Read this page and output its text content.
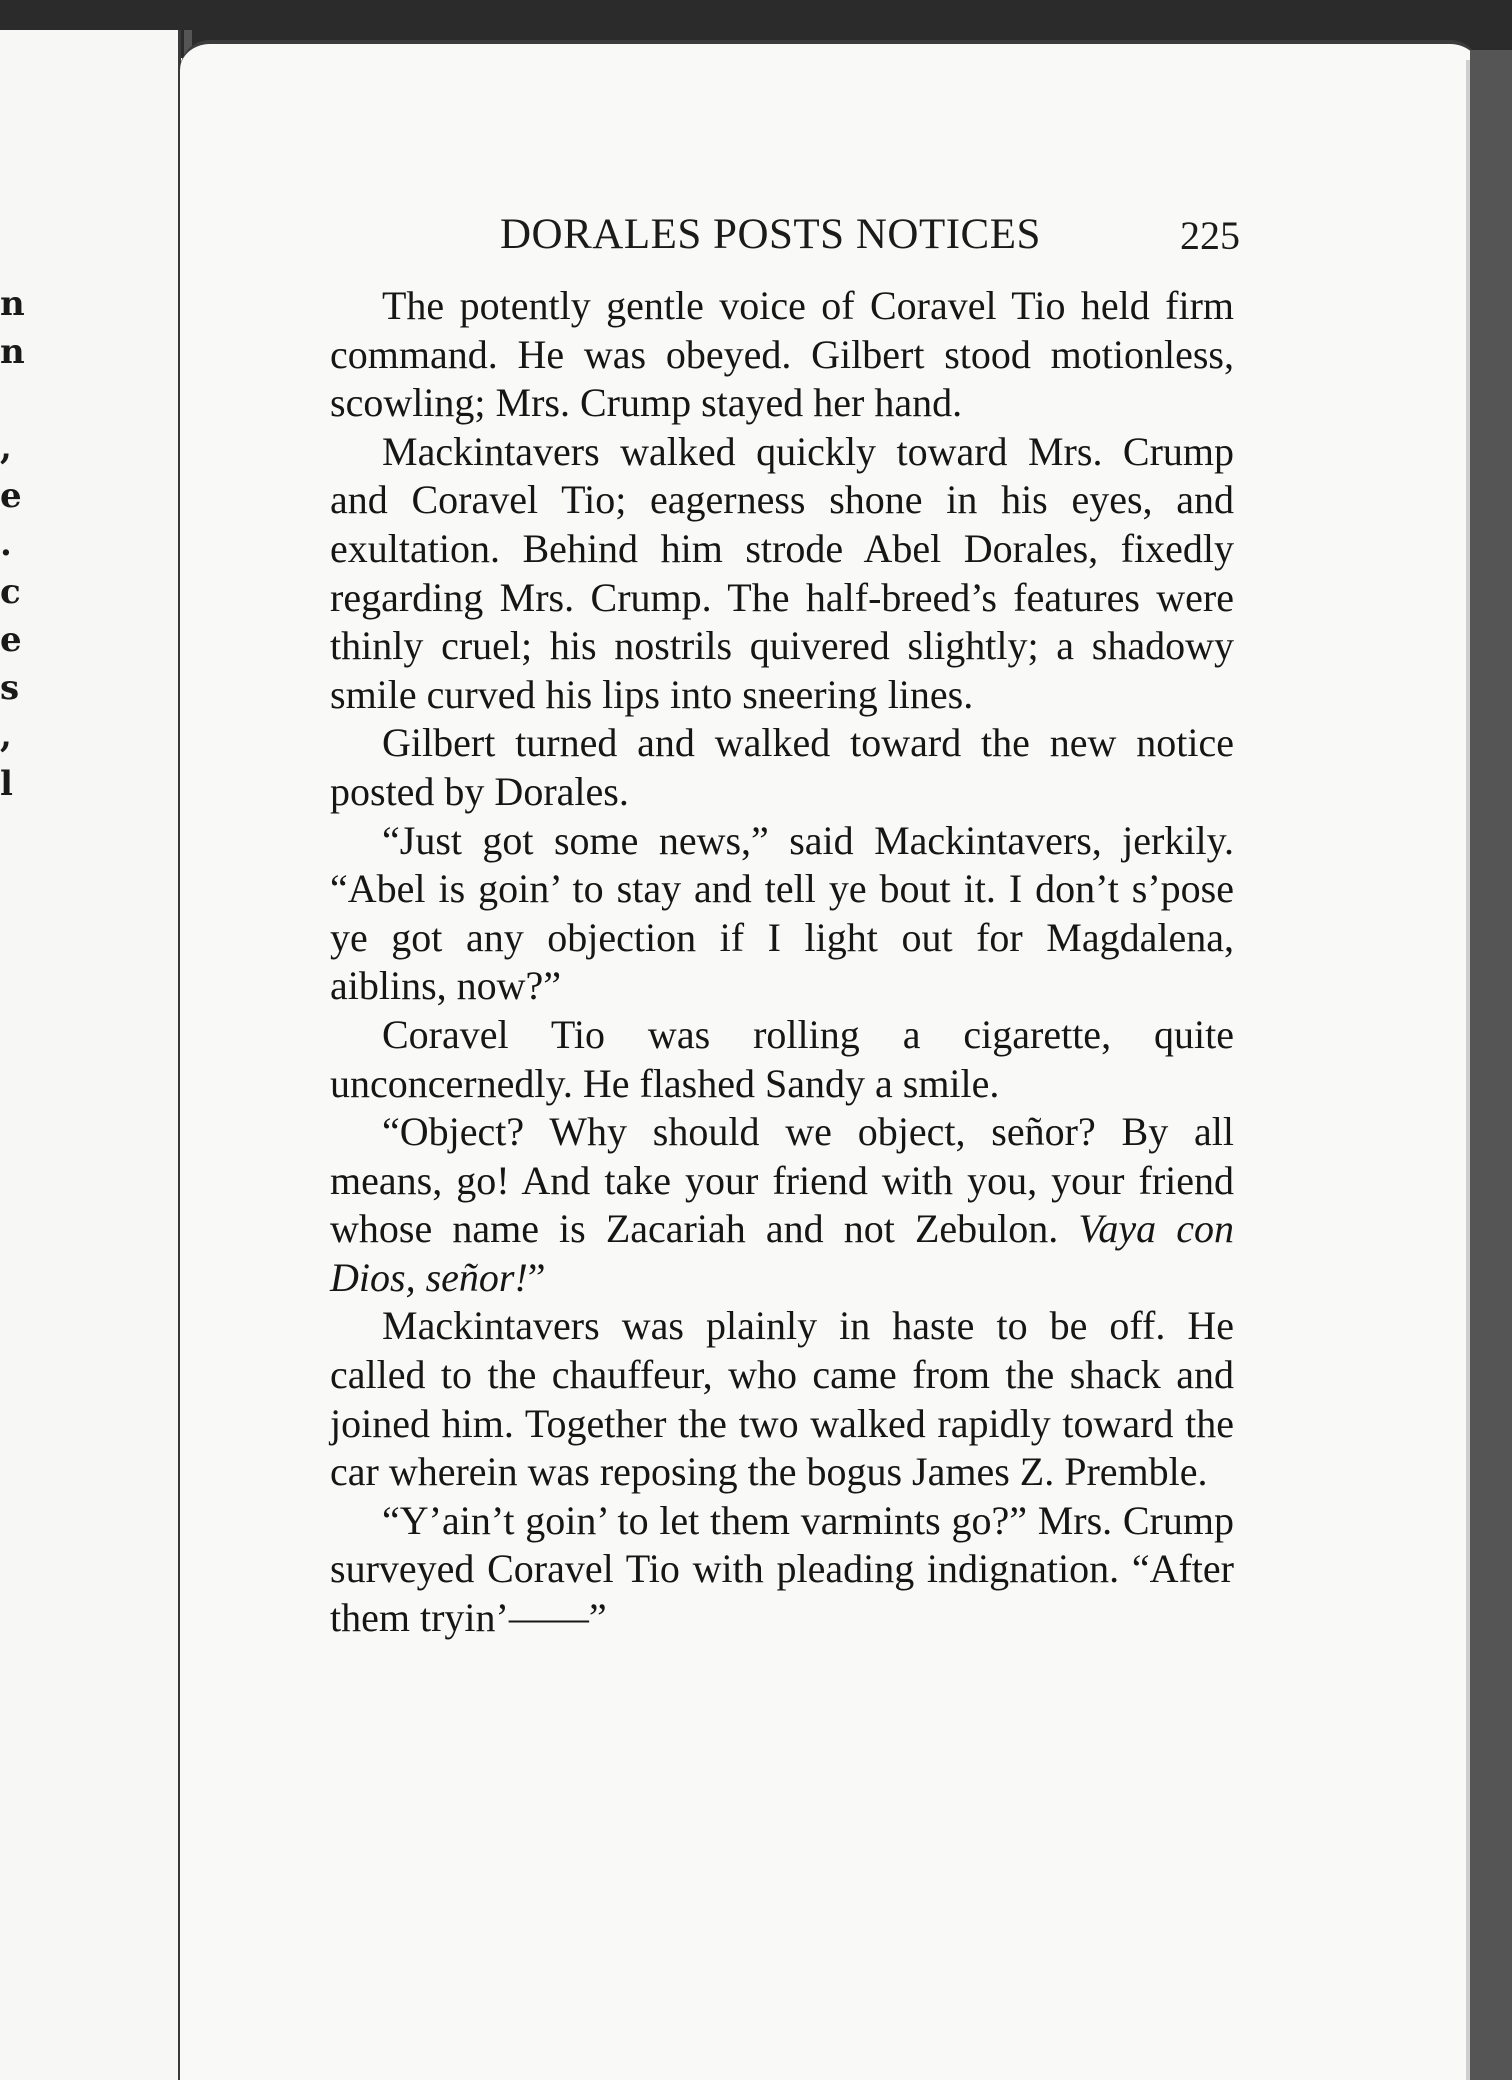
n
n
,
e
.
c
e
s
,
l
DORALES POSTS NOTICES	225

The potently gentle voice of Coravel Tio held firm command. He was obeyed. Gilbert stood motionless, scowling; Mrs. Crump stayed her hand.

Mackintavers walked quickly toward Mrs. Crump and Coravel Tio; eagerness shone in his eyes, and exultation. Behind him strode Abel Dorales, fixedly regarding Mrs. Crump. The half-breed’s features were thinly cruel; his nostrils quivered slightly; a shadowy smile curved his lips into sneering lines.

Gilbert turned and walked toward the new notice posted by Dorales.

“Just got some news,” said Mackintavers, jerkily. “Abel is goin’ to stay and tell ye bout it. I don’t s’pose ye got any objection if I light out for Magdalena, aiblins, now?”

Coravel Tio was rolling a cigarette, quite unconcernedly. He flashed Sandy a smile.

“Object? Why should we object, señor? By all means, go! And take your friend with you, your friend whose name is Zacariah and not Zebulon. Vaya con Dios, señor!”

Mackintavers was plainly in haste to be off. He called to the chauffeur, who came from the shack and joined him. Together the two walked rapidly toward the car wherein was reposing the bogus James Z. Premble.

“Y’ain’t goin’ to let them varmints go?” Mrs. Crump surveyed Coravel Tio with pleading indignation. “After them tryin’——”
